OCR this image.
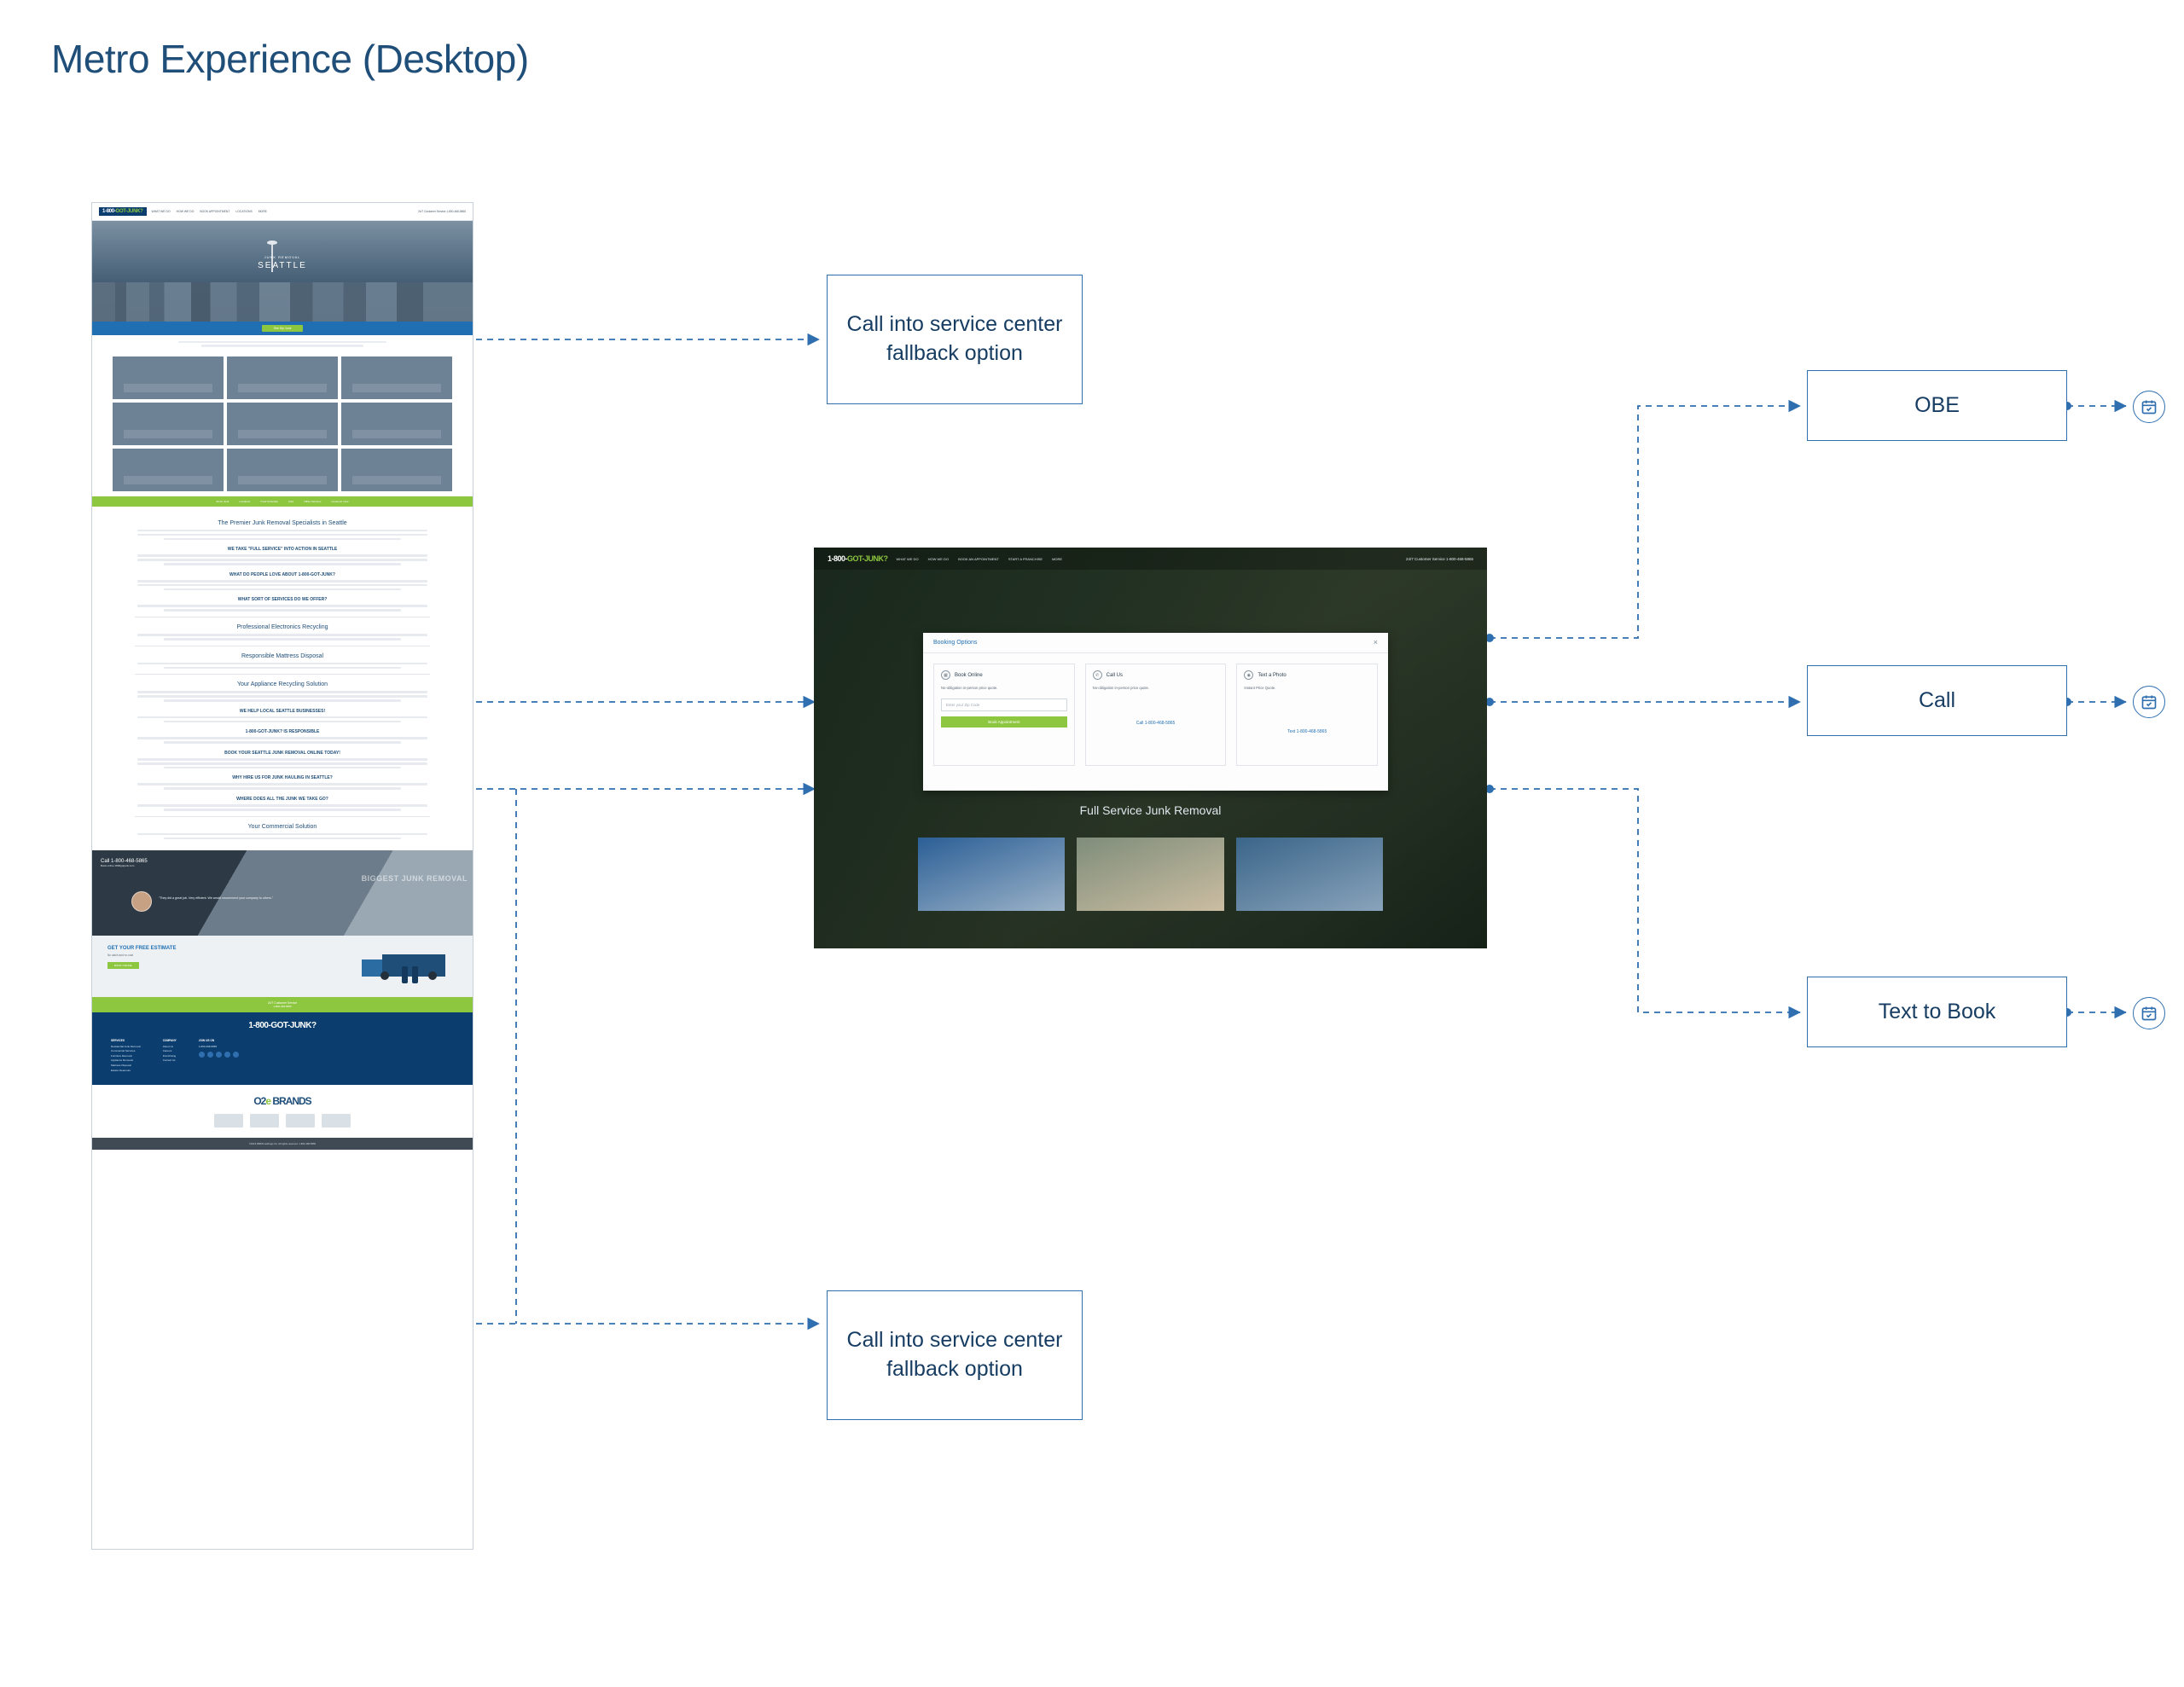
Metro Experience (Desktop)
Call into service center fallback option
Call into service center fallback option
OBE
Call
Text to Book
1-800-GOT-JUNK?	WHAT WE DO HOW WE DO BOOK APPOINTMENT LOCATIONS MORE	24/7 Customer Service 1-800-468-5865
JUNK REMOVAL
SEATTLE
See My Junk
About Junk	Locations	Truck Schedule	Jobs	Office Services	Customer Care
The Premier Junk Removal Specialists in Seattle
WE TAKE "FULL SERVICE" INTO ACTION IN SEATTLE
WHAT DO PEOPLE LOVE ABOUT 1-800-GOT-JUNK?
WHAT SORT OF SERVICES DO WE OFFER?
Professional Electronics Recycling
Responsible Mattress Disposal
Your Appliance Recycling Solution
WE HELP LOCAL SEATTLE BUSINESSES!
1-800-GOT-JUNK? IS RESPONSIBLE
BOOK YOUR SEATTLE JUNK REMOVAL ONLINE TODAY!
WHY HIRE US FOR JUNK HAULING IN SEATTLE?
WHERE DOES ALL THE JUNK WE TAKE GO?
Your Commercial Solution
Call 1-800-468-5865
Book online 1800gotjunk.com
BIGGEST JUNK REMOVAL
"They did a great job. Very efficient. We would recommend your company to others."
GET YOUR FREE ESTIMATE
No catch and no cost
BOOK ONLINE
24/7 Customer Service
1-800-468-5865
1-800-GOT-JUNK?
SERVICES

Residential Junk Removal

Commercial Services

Furniture Removal

Appliance Removal

Mattress Disposal

Estate Cleanouts

COMPANY

About Us

Careers

Franchising

Contact Us

JOIN US ON

1-800-468-5865

O2e BRANDS
©2019 RBDS Holdings Inc. All rights reserved. 1-800-468-5865
1-800-GOT-JUNK?	WHAT WE DO	HOW WE DO	BOOK AN APPOINTMENT	START A FRANCHISE	MORE	24/7 Customer Service 1-800-468-5865
Full Service Junk Removal
Booking Options	×
▦	Book Online
No-obligation in-person price quote.
Enter your Zip Code
Book Appointment
✆	Call Us
No-obligation in-person price quote.
Call 1-800-468-5865
◉	Text a Photo
Instant Price Quote.
Text 1-800-468-5865
